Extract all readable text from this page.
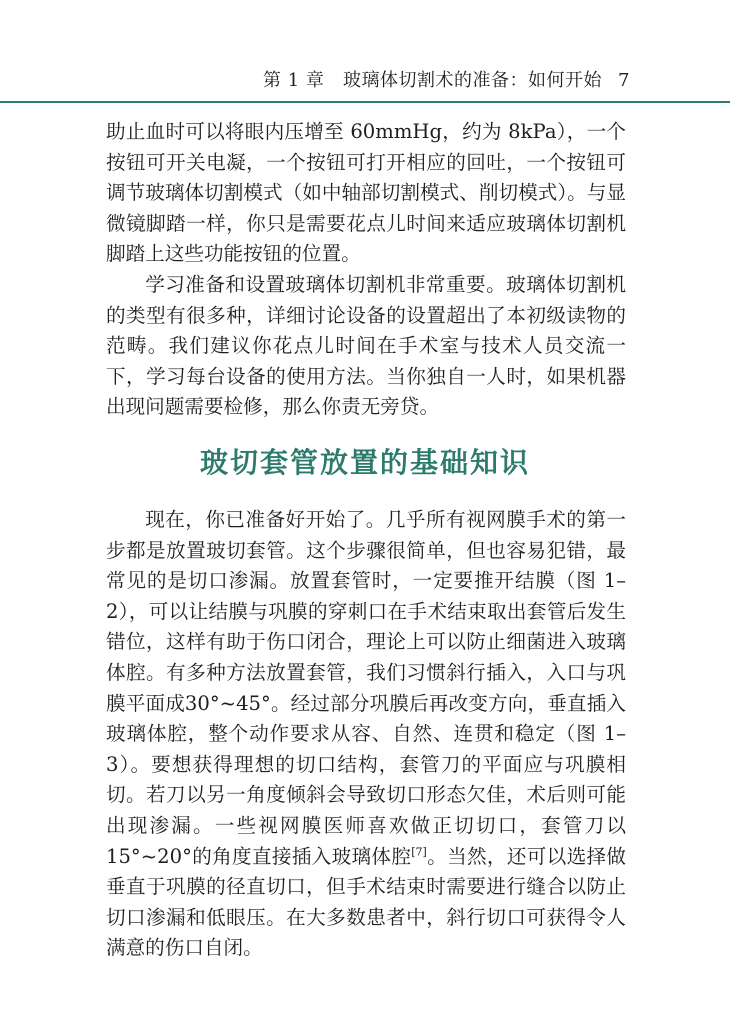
第 1 章 玻璃体切割术的准备：如何开始 7

助止血时可以将眼内压增至 60mmHg，约为 8kPa），一个按钮可开关电凝，一个按钮可打开相应的回吐，一个按钮可调节玻璃体切割模式（如中轴部切割模式、削切模式）。与显微镜脚踏一样，你只是需要花点儿时间来适应玻璃体切割机脚踏上这些功能按钮的位置。

学习准备和设置玻璃体切割机非常重要。玻璃体切割机的类型有很多种，详细讨论设备的设置超出了本初级读物的范畴。我们建议你花点儿时间在手术室与技术人员交流一下，学习每台设备的使用方法。当你独自一人时，如果机器出现问题需要检修，那么你责无旁贷。

玻切套管放置的基础知识

现在，你已准备好开始了。几乎所有视网膜手术的第一步都是放置玻切套管。这个步骤很简单，但也容易犯错，最常见的是切口渗漏。放置套管时，一定要推开结膜（图 1–2），可以让结膜与巩膜的穿刺口在手术结束取出套管后发生错位，这样有助于伤口闭合，理论上可以防止细菌进入玻璃体腔。有多种方法放置套管，我们习惯斜行插入，入口与巩膜平面成30°~45°。经过部分巩膜后再改变方向，垂直插入玻璃体腔，整个动作要求从容、自然、连贯和稳定（图 1–3）。要想获得理想的切口结构，套管刀的平面应与巩膜相切。若刀以另一角度倾斜会导致切口形态欠佳，术后则可能出现渗漏。一些视网膜医师喜欢做正切切口，套管刀以 15°~20°的角度直接插入玻璃体腔[7]。当然，还可以选择做垂直于巩膜的径直切口，但手术结束时需要进行缝合以防止切口渗漏和低眼压。在大多数患者中，斜行切口可获得令人满意的伤口自闭。
